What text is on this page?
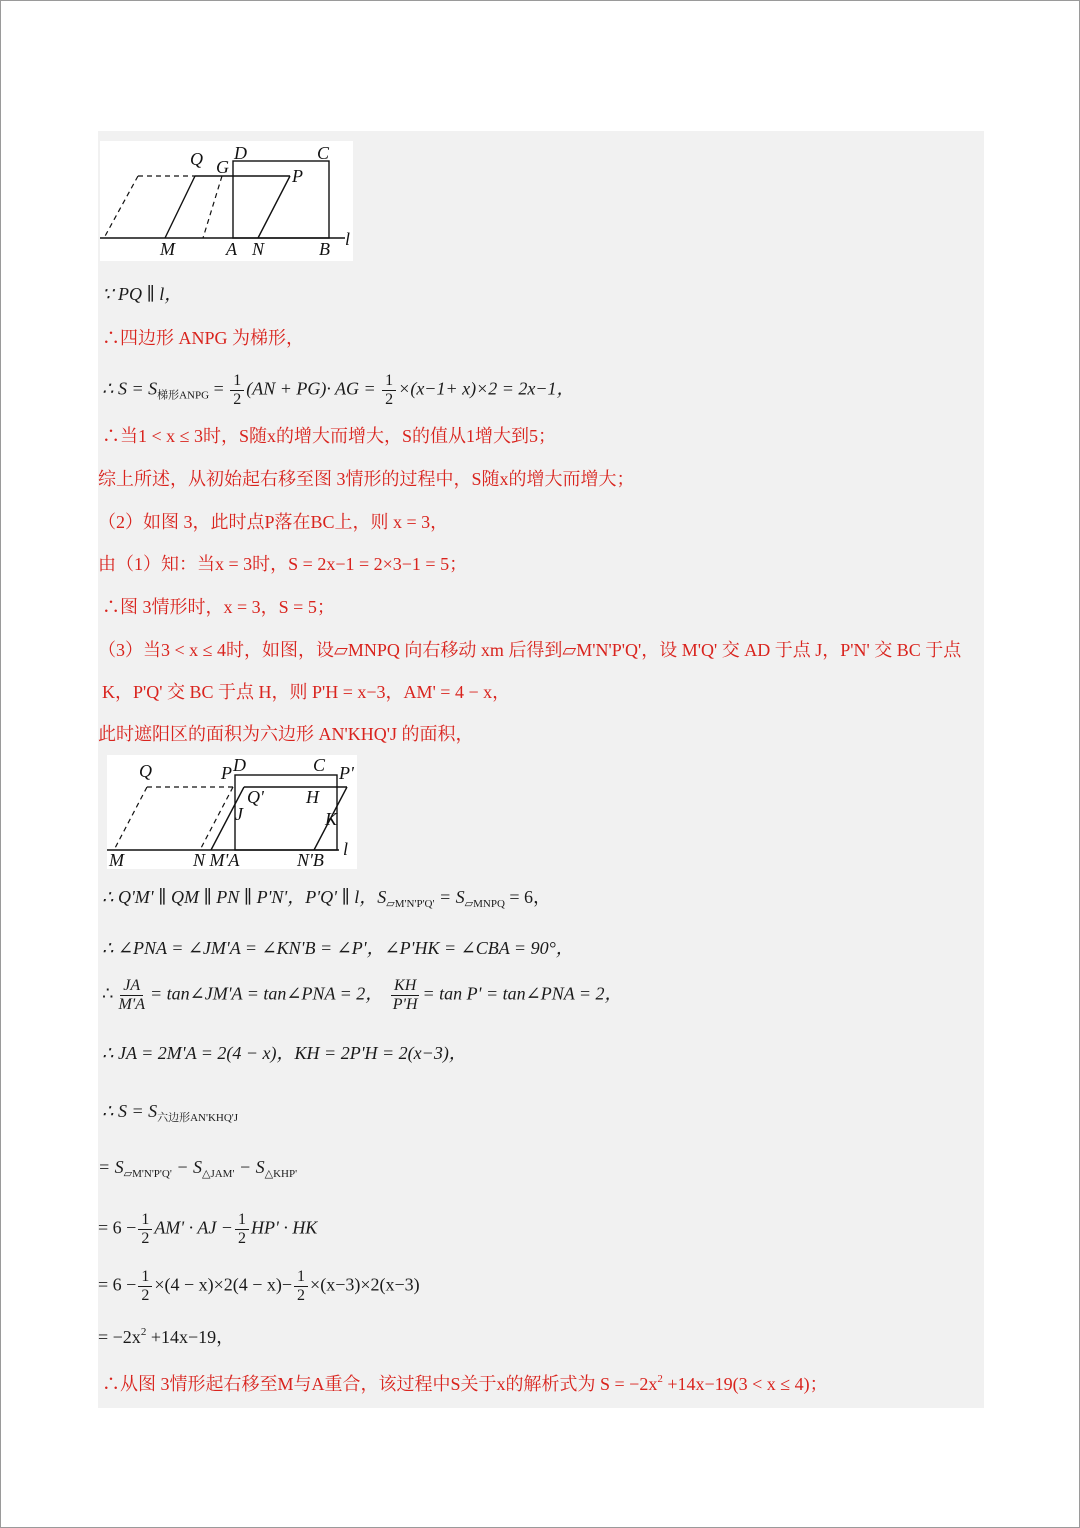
Q G
D	C
P
M	A N	B l
∵ PQ ∥ l，
∴四边形 ANPG 为梯形，
∴ $S = S_{梯形ANPG} = \frac{1}{2} (AN + PG)\cdot$ AG = $\frac{1}{2} \times(x-1+ x)\times 2 = 2x-1$，
∴当1 < x ≤ 3时，S随x的增大而增大，S的值从1增大到5；
综上所述，从初始起右移至图 3情形的过程中，S随x的增大而增大；
（2）如图 3，此时点P落在BC上，则 x = 3，
由（1）知：当x = 3时，S = 2x−1 = 2×3−1 = 5；
∴图 3情形时，x = 3，S = 5；
（3）当3 < x ≤ 4时，如图，设▱MNPQ 向右移动 xm 后得到▱M'N'P'Q'，设 M'Q' 交 AD 于点 J，P'N' 交 BC 于点
K，P'Q' 交 BC 于点 H，则 P'H = x−3，AM' = 4 − x，
此时遮阳区的面积为六边形 AN'KHQ'J 的面积，
Q	P D	C P'
Q' H
J	K
M	N M'A	N'B
l
∴ Q'M' ∥ QM ∥ PN ∥ P'N'，P'Q' ∥ l，$S_{▱M'N'P'Q'} = S_{▱MNPQ} = 6$，
∴ ∠PNA = ∠JM'A = ∠KN'B = ∠P'，∠P'HK = ∠CBA = 90°，
∴ $\frac{JA}{M'A}$ = tan∠JM'A = tan∠PNA = 2， $\frac{KH}{P'H} = \tan P'$ = tan∠PNA = 2，
∴ JA = 2M'A = 2(4 − x)，KH = 2P'H = 2(x−3)，
∴ $S = S_{六边形AN'KHQ'J}$
= $S_{▱M'N'P'Q'} - S_{\triangle JAM'} - S_{\triangle KHP'}$
= $6 - \frac{1}{2} AM'$ · AJ − $\frac{1}{2} HP'$ · HK
= $6 - \frac{1}{2} \times(4 - x)\times 2(4 - x)- \frac{1}{2} \times(x-3)\times 2(x-3)$
= $-2x^2 +14x-19$，
∴从图 3情形起右移至M与A重合，该过程中S关于x的解析式为 $S = -2x^2 +14x-19(3 < x \le 4)$；
